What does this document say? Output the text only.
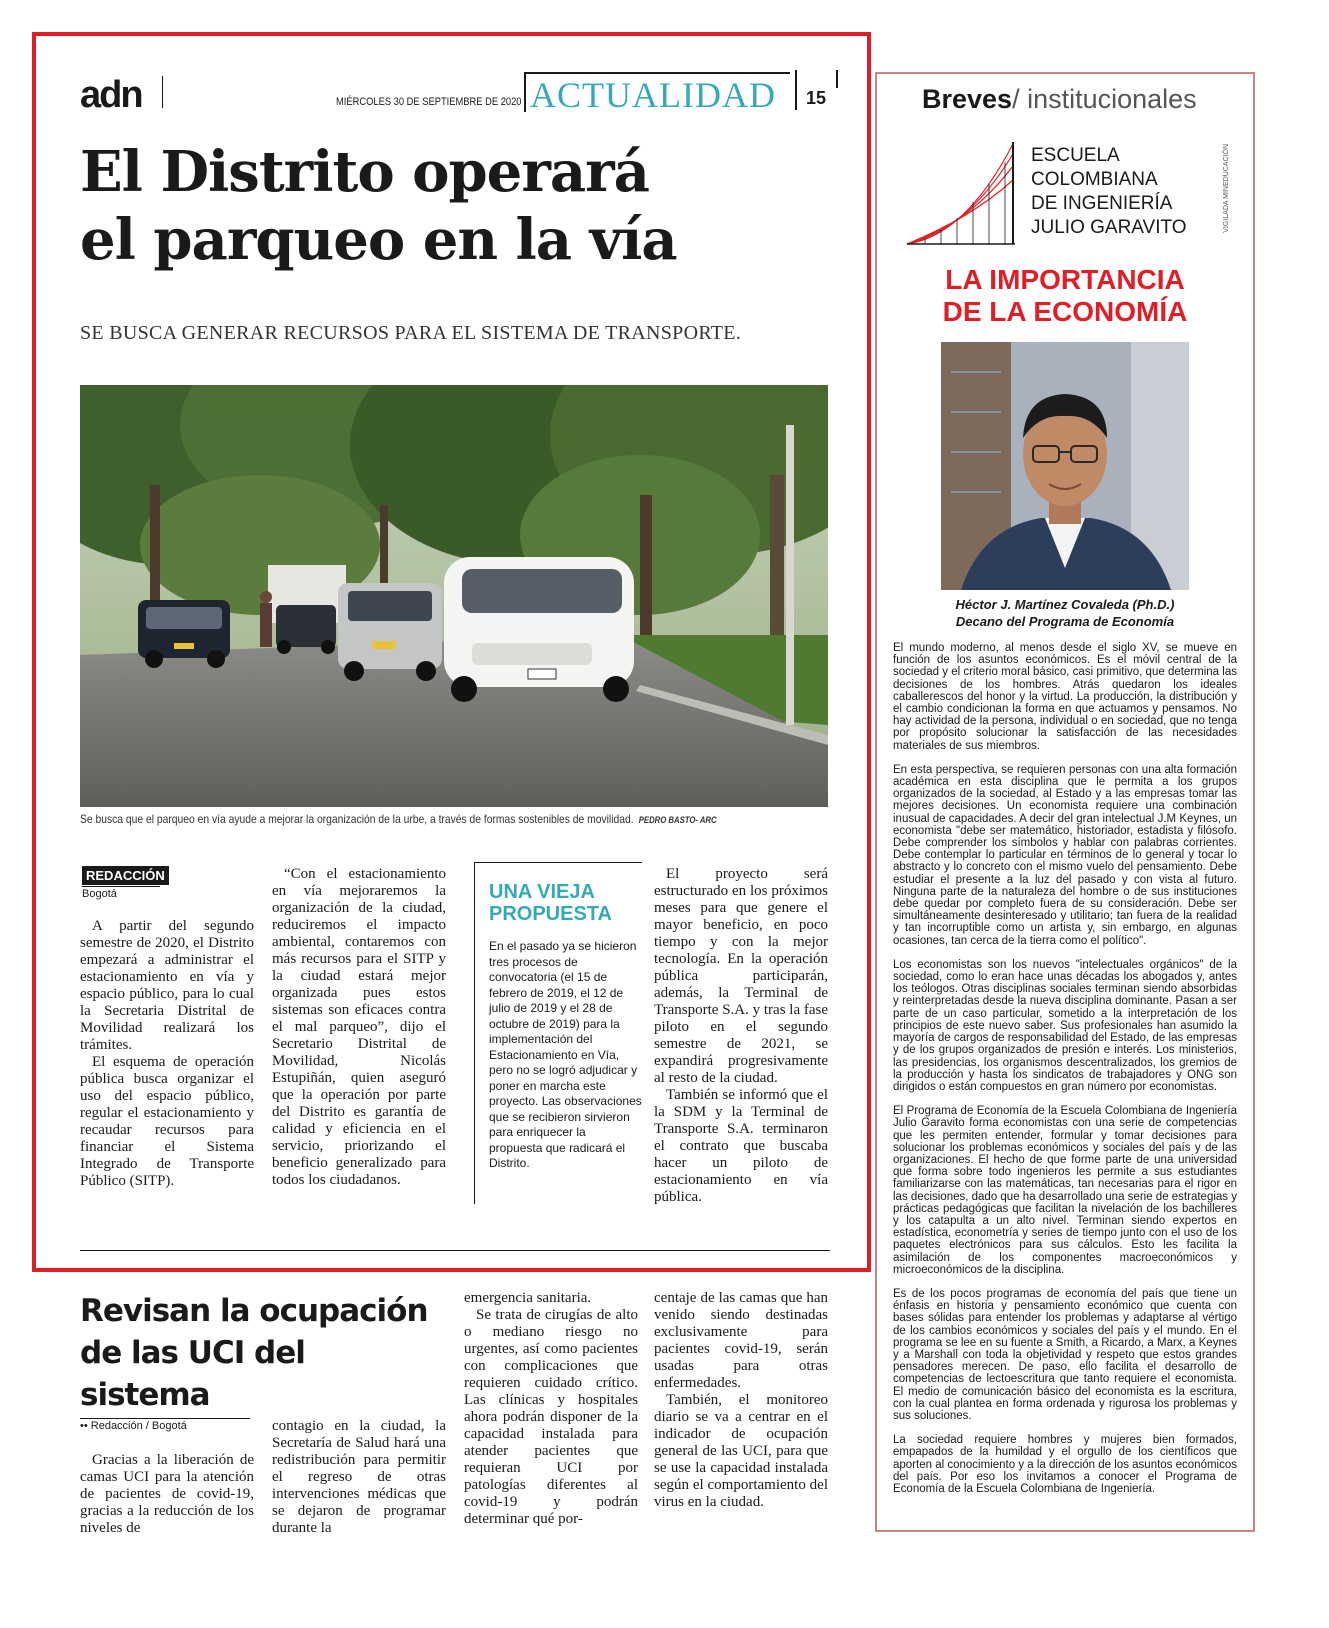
adn	MIÉRCOLES 30 DE SEPTIEMBRE DE 2020 ACTUALIDAD 15
El Distrito operará
el parqueo en la vía
SE BUSCA GENERAR RECURSOS PARA EL SISTEMA DE TRANSPORTE.
Se busca que el parqueo en vía ayude a mejorar la organización de la urbe, a través de formas sostenibles de movilidad. PEDRO BASTO- ARC
REDACCIÓN
Bogotá

A partir del segundo semestre de 2020, el Distrito empezará a administrar el estacionamiento en vía y espacio público, para lo cual la Secretaria Distrital de Movilidad realizará los trámites.

El esquema de operación pública busca organizar el uso del espacio público, regular el estacionamiento y recaudar recursos para financiar el Sistema Integrado de Transporte Público (SITP).

“Con el estacionamiento en vía mejoraremos la organización de la ciudad, reduciremos el impacto ambiental, contaremos con más recursos para el SITP y la ciudad estará mejor organizada pues estos sistemas son eficaces contra el mal parqueo”, dijo el Secretario Distrital de Movilidad, Nicolás Estupiñán, quien aseguró que la operación por parte del Distrito es garantía de calidad y eficiencia en el servicio, priorizando el beneficio generalizado para todos los ciudadanos.

UNA VIEJA PROPUESTA
En el pasado ya se hicieron tres procesos de convocatoria (el 15 de febrero de 2019, el 12 de julio de 2019 y el 28 de octubre de 2019) para la implementación del Estacionamiento en Vía, pero no se logró adjudicar y poner en marcha este proyecto. Las observaciones que se recibieron sirvieron para enriquecer la propuesta que radicará el Distrito.

El proyecto será estructurado en los próximos meses para que genere el mayor beneficio, en poco tiempo y con la mejor tecnología. En la operación pública participarán, además, la Terminal de Transporte S.A. y tras la fase piloto en el segundo semestre de 2021, se expandirá progresivamente al resto de la ciudad.

También se informó que el la SDM y la Terminal de Transporte S.A. terminaron el contrato que buscaba hacer un piloto de estacionamiento en vía pública.

Revisan la ocupación
de las UCI del sistema
•• Redacción / Bogotá

Gracias a la liberación de camas UCI para la atención de pacientes de covid-19, gracias a la reducción de los niveles de

contagio en la ciudad, la Secretaría de Salud hará una redistribución para permitir el regreso de otras intervenciones médicas que se dejaron de programar durante la

emergencia sanitaria.

Se trata de cirugías de alto o mediano riesgo no urgentes, así como pacientes con complicaciones que requieren cuidado crítico. Las clínicas y hospitales ahora podrán disponer de la capacidad instalada para atender pacientes que requieran UCI por patologías diferentes al covid-19 y podrán determinar qué por-

centaje de las camas que han venido siendo destinadas exclusivamente para pacientes covid-19, serán usadas para otras enfermedades.

También, el monitoreo diario se va a centrar en el indicador de ocupación general de las UCI, para que se use la capacidad instalada según el comportamiento del virus en la ciudad.

Breves/ institucionales
ESCUELA
COLOMBIANA
DE INGENIERÍA
JULIO GARAVITO	VIGILADA MINEDUCACIÓN
LA IMPORTANCIA
DE LA ECONOMÍA
Héctor J. Martínez Covaleda (Ph.D.)
Decano del Programa de Economía

El mundo moderno, al menos desde el siglo XV, se mueve en función de los asuntos económicos. Es el móvil central de la sociedad y el criterio moral básico, casi primitivo, que determina las decisiones de los hombres. Atrás quedaron los ideales caballerescos del honor y la virtud. La producción, la distribución y el cambio condicionan la forma en que actuamos y pensamos. No hay actividad de la persona, individual o en sociedad, que no tenga por propósito solucionar la satisfacción de las necesidades materiales de sus miembros.

En esta perspectiva, se requieren personas con una alta formación académica en esta disciplina que le permita a los grupos organizados de la sociedad, al Estado y a las empresas tomar las mejores decisiones. Un economista requiere una combinación inusual de capacidades. A decir del gran intelectual J.M Keynes, un economista "debe ser matemático, historiador, estadista y filósofo. Debe comprender los símbolos y hablar con palabras corrientes. Debe contemplar lo particular en términos de lo general y tocar lo abstracto y lo concreto con el mismo vuelo del pensamiento. Debe estudiar el presente a la luz del pasado y con vista al futuro. Ninguna parte de la naturaleza del hombre o de sus instituciones debe quedar por completo fuera de su consideración. Debe ser simultáneamente desinteresado y utilitario; tan fuera de la realidad y tan incorruptible como un artista y, sin embargo, en algunas ocasiones, tan cerca de la tierra como el político".

Los economistas son los nuevos "intelectuales orgánicos" de la sociedad, como lo eran hace unas décadas los abogados y, antes los teólogos. Otras disciplinas sociales terminan siendo absorbidas y reinterpretadas desde la nueva disciplina dominante. Pasan a ser parte de un caso particular, sometido a la interpretación de los principios de este nuevo saber. Sus profesionales han asumido la mayoría de cargos de responsabilidad del Estado, de las empresas y de los grupos organizados de presión e interés. Los ministerios, las presidencias, los organismos descentralizados, los gremios de la producción y hasta los sindicatos de trabajadores y ONG son dirigidos o están compuestos en gran número por economistas.

El Programa de Economía de la Escuela Colombiana de Ingeniería Julio Garavito forma economistas con una serie de competencias que les permiten entender, formular y tomar decisiones para solucionar los problemas económicos y sociales del país y de las organizaciones. El hecho de que forme parte de una universidad que forma sobre todo ingenieros les permite a sus estudiantes familiarizarse con las matemáticas, tan necesarias para el rigor en las decisiones, dado que ha desarrollado una serie de estrategias y prácticas pedagógicas que facilitan la nivelación de los bachilleres y los catapulta a un alto nivel. Terminan siendo expertos en estadística, econometría y series de tiempo junto con el uso de los paquetes electrónicos para sus cálculos. Esto les facilita la asimilación de los componentes macroeconómicos y microeconómicos de la disciplina.

Es de los pocos programas de economía del país que tiene un énfasis en historia y pensamiento económico que cuenta con bases sólidas para entender los problemas y adaptarse al vértigo de los cambios económicos y sociales del país y el mundo. En el programa se lee en su fuente a Smith, a Ricardo, a Marx, a Keynes y a Marshall con toda la objetividad y respeto que estos grandes pensadores merecen. De paso, ello facilita el desarrollo de competencias de lectoescritura que tanto requiere el economista. El medio de comunicación básico del economista es la escritura, con la cual plantea en forma ordenada y rigurosa los problemas y sus soluciones.

La sociedad requiere hombres y mujeres bien formados, empapados de la humildad y el orgullo de los científicos que aporten al conocimiento y a la dirección de los asuntos económicos del país. Por eso los invitamos a conocer el Programa de Economía de la Escuela Colombiana de Ingeniería.
